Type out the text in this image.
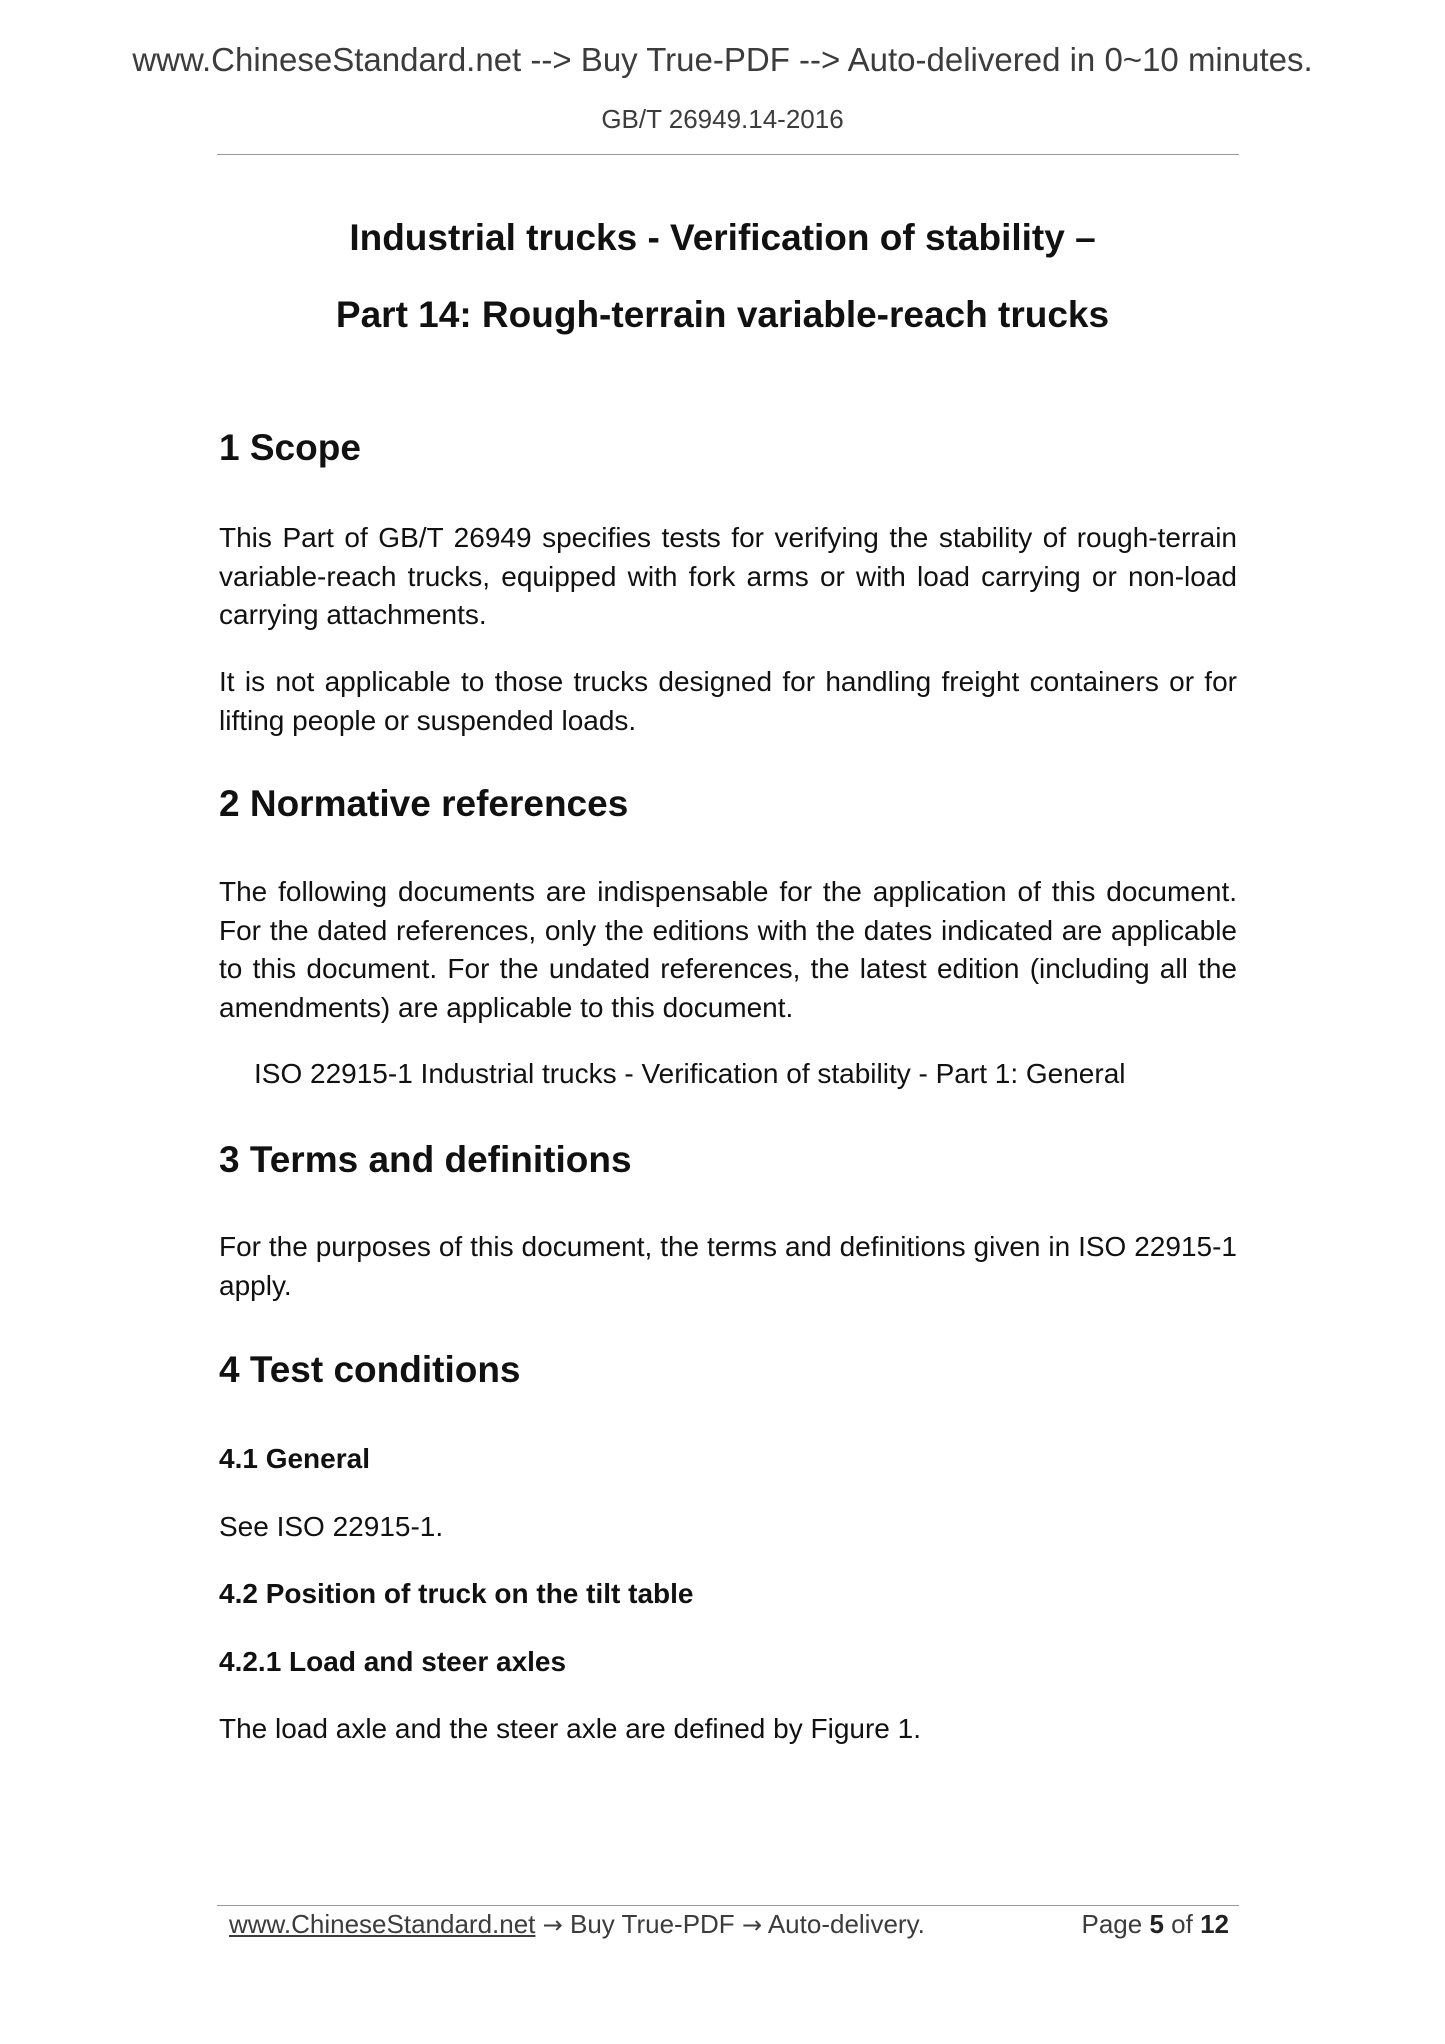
www.ChineseStandard.net --> Buy True-PDF --> Auto-delivered in 0~10 minutes.
GB/T 26949.14-2016
Industrial trucks - Verification of stability –
Part 14: Rough-terrain variable-reach trucks
1 Scope
This Part of GB/T 26949 specifies tests for verifying the stability of rough-terrain variable-reach trucks, equipped with fork arms or with load carrying or non-load carrying attachments.
It is not applicable to those trucks designed for handling freight containers or for lifting people or suspended loads.
2 Normative references
The following documents are indispensable for the application of this document. For the dated references, only the editions with the dates indicated are applicable to this document. For the undated references, the latest edition (including all the amendments) are applicable to this document.
ISO 22915-1 Industrial trucks - Verification of stability - Part 1: General
3 Terms and definitions
For the purposes of this document, the terms and definitions given in ISO 22915-1 apply.
4 Test conditions
4.1 General
See ISO 22915-1.
4.2 Position of truck on the tilt table
4.2.1 Load and steer axles
The load axle and the steer axle are defined by Figure 1.
www.ChineseStandard.net → Buy True-PDF → Auto-delivery.	Page 5 of 12
